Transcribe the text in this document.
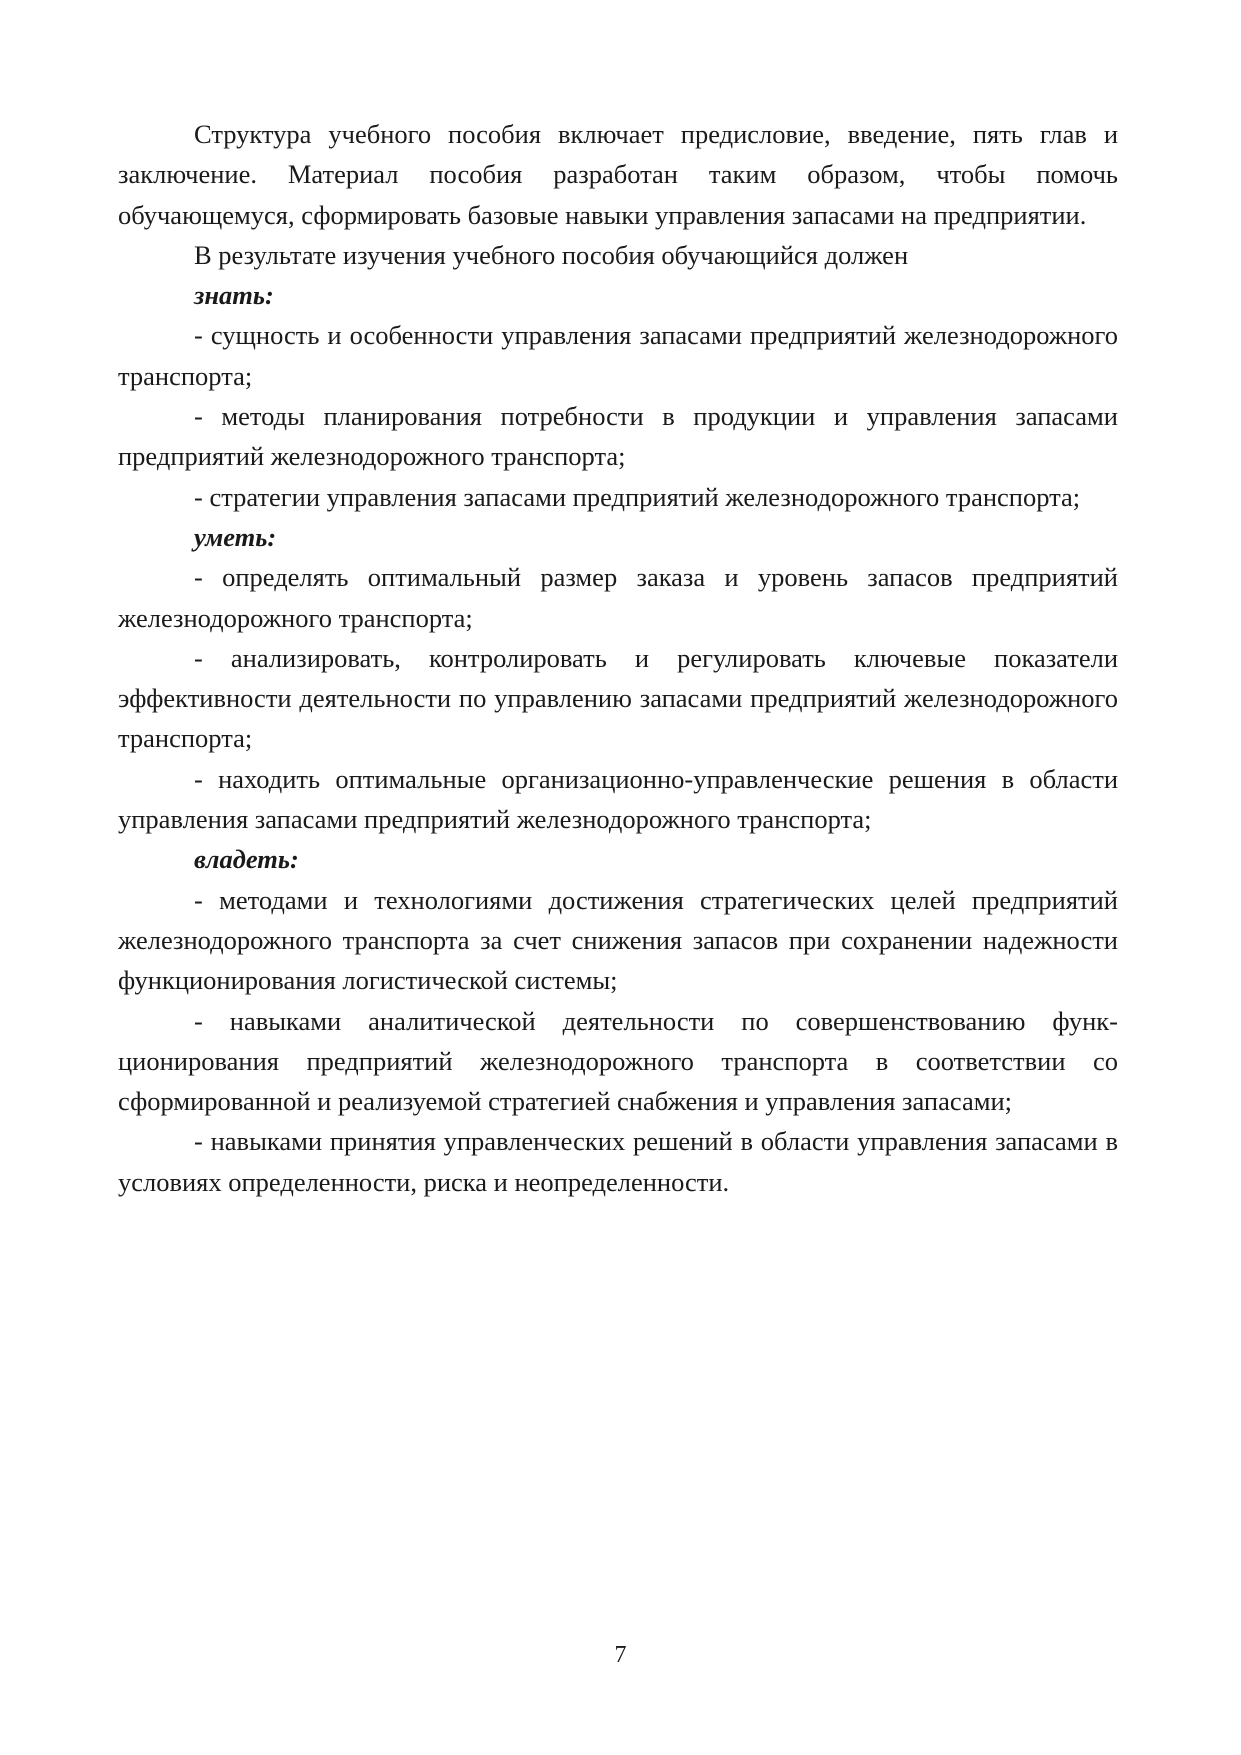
Структура учебного пособия включает предисловие, введение, пять глав и заключение. Материал пособия разработан таким образом, чтобы помочь обучающемуся, сформировать базовые навыки управления запасами на предприятии.

В результате изучения учебного пособия обучающийся должен

знать:

- сущность и особенности управления запасами предприятий железнодорожного транспорта;

- методы планирования потребности в продукции и управления запасами предприятий железнодорожного транспорта;

- стратегии управления запасами предприятий железнодорожного транспорта;

уметь:

- определять оптимальный размер заказа и уровень запасов предприятий железнодорожного транспорта;

- анализировать, контролировать и регулировать ключевые показатели эффективности деятельности по управлению запасами предприятий железнодорожного транспорта;

- находить оптимальные организационно-управленческие решения в области управления запасами предприятий железнодорожного транспорта;

владеть:

- методами и технологиями достижения стратегических целей предприятий железнодорожного транспорта за счет снижения запасов при сохранении надежности функционирования логистической системы;

- навыками аналитической деятельности по совершенствованию функционирования предприятий железнодорожного транспорта в соответствии со сформированной и реализуемой стратегией снабжения и управления запасами;

- навыками принятия управленческих решений в области управления запасами в условиях определенности, риска и неопределенности.

7
